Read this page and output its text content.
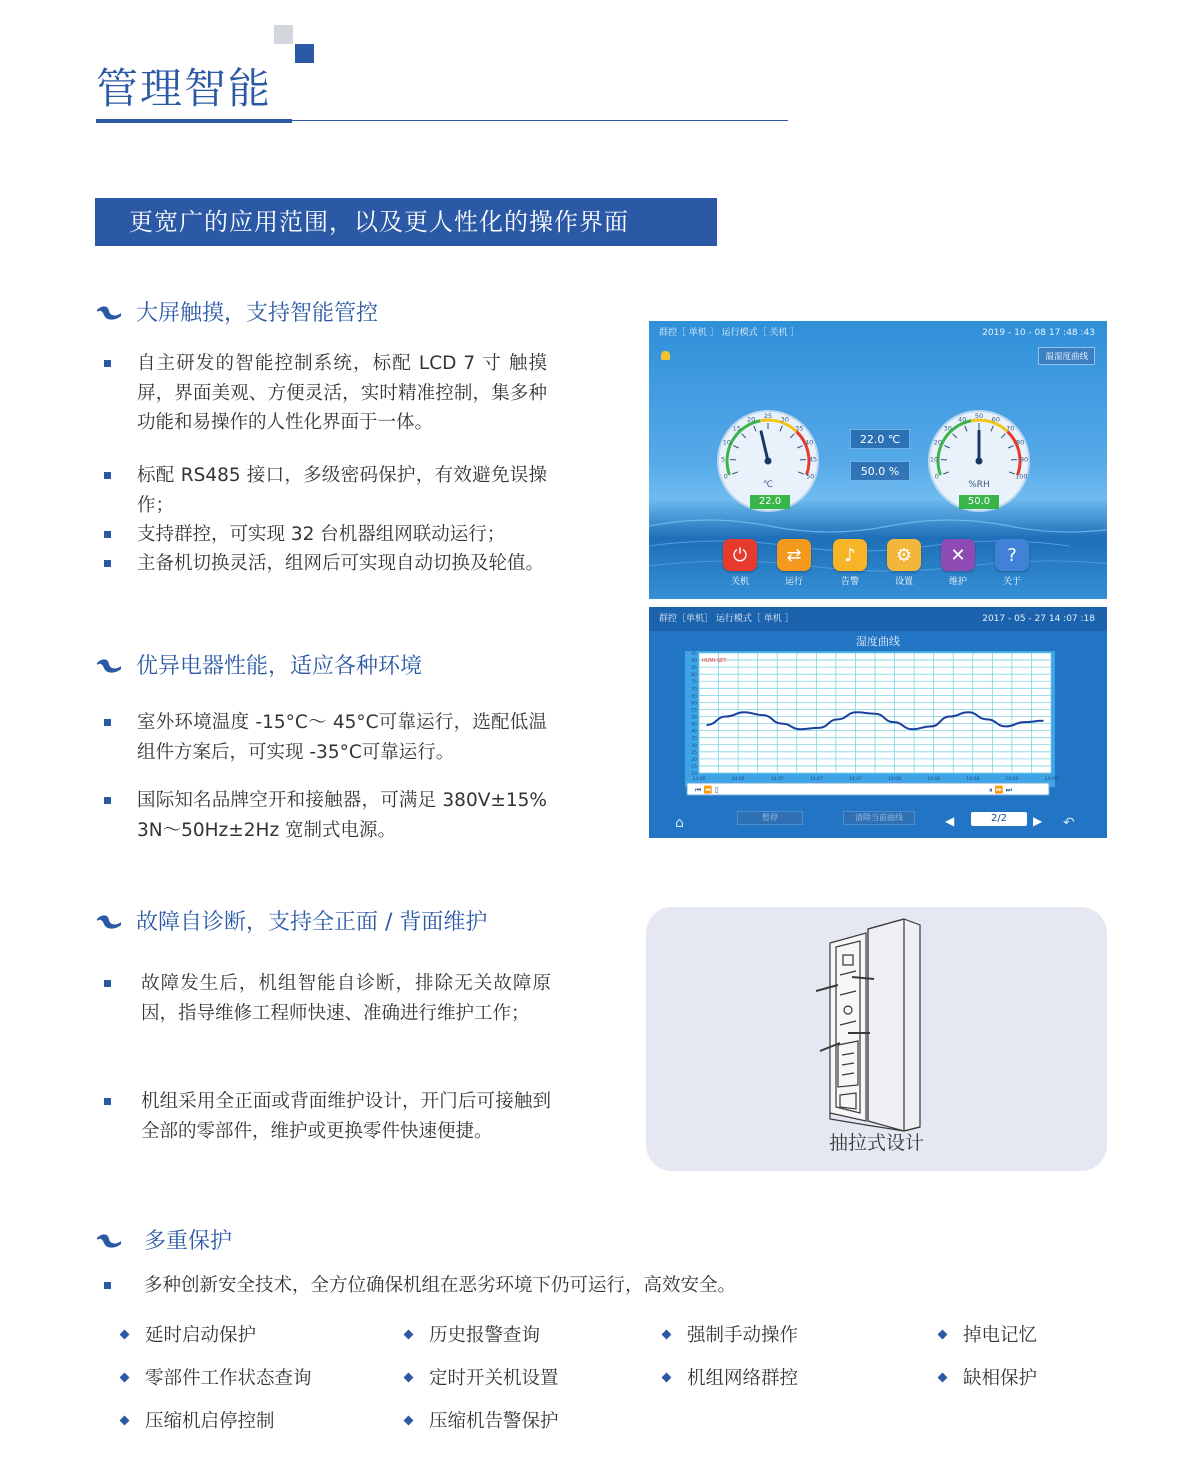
管理智能
更宽广的应用范围，以及更人性化的操作界面
大屏触摸，支持智能管控
自主研发的智能控制系统，标配 LCD 7 寸 触摸屏，界面美观、方便灵活，实时精准控制，集多种功能和易操作的人性化界面于一体。
标配 RS485 接口，多级密码保护，有效避免误操作；
支持群控，可实现 32 台机器组网联动运行；
主备机切换灵活，组网后可实现自动切换及轮值。
优异电器性能，适应各种环境
室外环境温度 -15°C～ 45°C可靠运行，选配低温组件方案后，可实现 -35°C可靠运行。
国际知名品牌空开和接触器，可满足 380V±15% 3N～50Hz±2Hz 宽制式电源。
故障自诊断，支持全正面 / 背面维护
故障发生后，机组智能自诊断，排除无关故障原因，指导维修工程师快速、准确进行维护工作；
机组采用全正面或背面维护设计，开门后可接触到全部的零部件，维护或更换零件快速便捷。
多重保护
多种创新安全技术，全方位确保机组在恶劣环境下仍可运行，高效安全。
延时启动保护	历史报警查询	强制手动操作	掉电记忆
零部件工作状态查询	定时开关机设置	机组网络群控	缺相保护
压缩机启停控制	压缩机告警保护
群控［ 单机 ］ 运行模式［ 关机 ］	2019 - 10 - 08 17 :48 :43
温湿度曲线
0
5
10
15
20 25 30
35
40
45
50
℃
0
10
20
30
40 50 60
70
80
90
100
%RH
22.0 ℃
50.0 %
22.0	50.0
⏻
关机
⇄
运行
♪
告警
⚙
设置
✕
维护
?
关于
群控［单机］ 运行模式［ 单机 ］	2017 - 05 - 27 14 :07 :18
湿度曲线
95
90
85
80
75
70
65
60
55
50
45
40
35
30
25
20
15
10
14:06	14:06	14:07	14:07	14:07	14:08	14:08	14:08	14:09	14:09
HUMI-SET
⏮ ⏪ ▯	⏸ ⏩ ⏭
⌂	◀	▶ ↶
暂停	清除当前曲线	2/2
抽拉式设计
